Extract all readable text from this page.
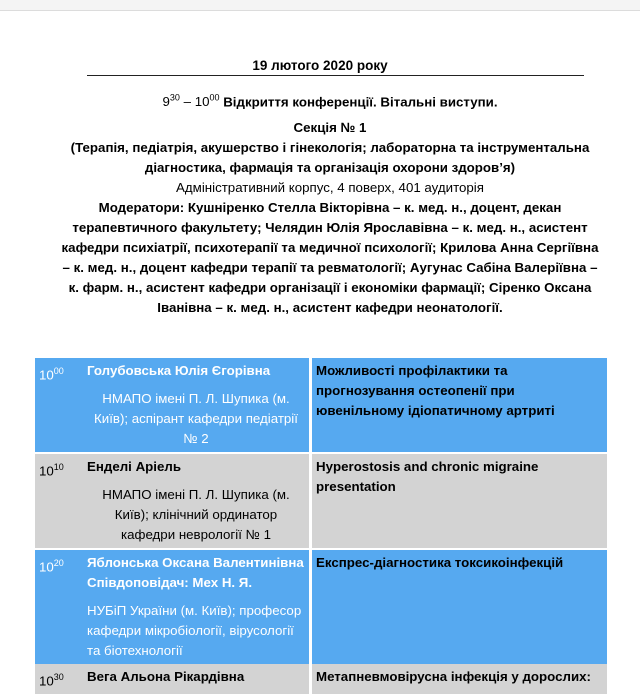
19 лютого 2020 року
$9^{30} - 10^{00}$ Відкриття конференції. Вітальні виступи.
Секція № 1
(Терапія, педіатрія, акушерство і гінекологія; лабораторна та інструментальна діагностика, фармація та організація охорони здоров’я)
Адміністративний корпус, 4 поверх, 401 аудиторія
Модератори: Кушніренко Стелла Вікторівна – к. мед. н., доцент, декан терапевтичного факультету; Челядин Юлія Ярославівна – к. мед. н., асистент кафедри психіатрії, психотерапії та медичної психології; Крилова Анна Сергіївна – к. мед. н., доцент кафедри терапії та ревматології; Аугунас Сабіна Валеріївна – к. фарм. н., асистент кафедри організації і економіки фармації; Сіренко Оксана Іванівна – к. мед. н., асистент кафедри неонатології.
$10^{00}$	Голубовська Юлія Єгорівна
НМАПО імені П. Л. Шупика (м. Київ); аспірант кафедри педіатрії № 2	Можливості профілактики та прогнозування остеопенії при ювенільному ідіопатичному артриті

$10^{10}$	Енделі Аріель
НМАПО імені П. Л. Шупика (м. Київ); клінічний ординатор кафедри неврології № 1	Hyperostosis and chronic migraine presentation

$10^{20}$	Яблонська Оксана Валентинівна Співдоповідач: Мех Н. Я.
НУБіП України (м. Київ); професор кафедри мікробіології, вірусології та біотехнології	Експрес-діагностика токсикоінфекцій
$10^{30}$	Вега Альона Рікардівна	Метапневмовірусна інфекція у дорослих:
